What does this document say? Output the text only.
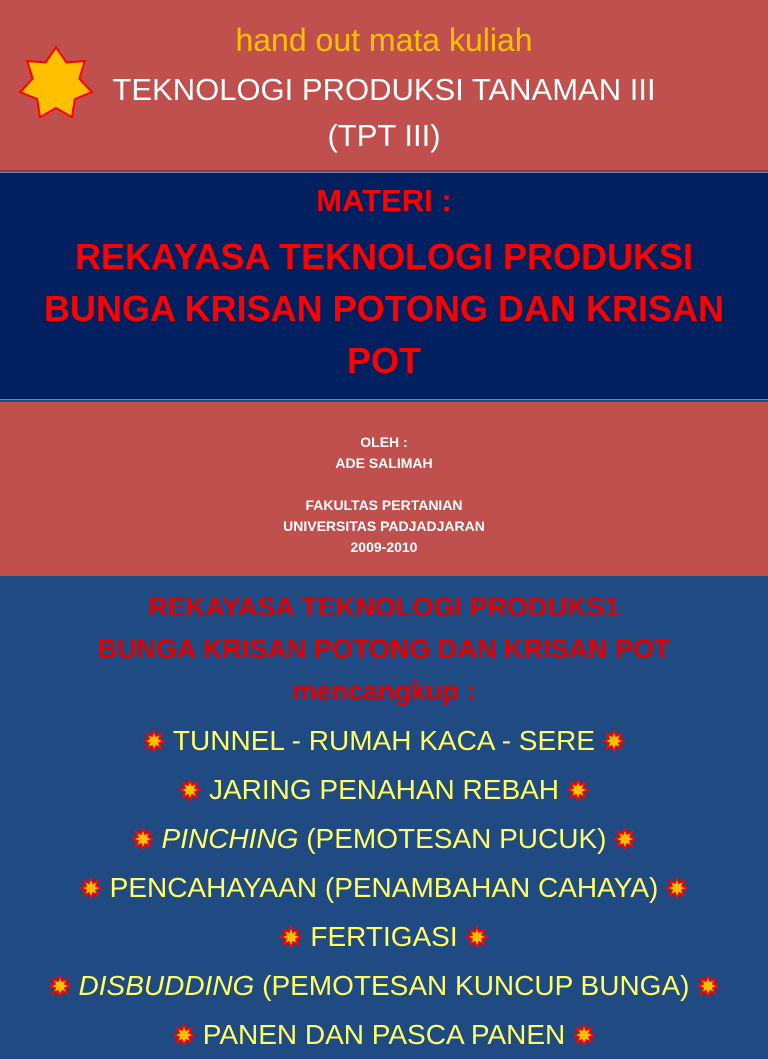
hand out mata kuliah
TEKNOLOGI PRODUKSI TANAMAN III
(TPT III)
MATERI :
REKAYASA TEKNOLOGI PRODUKSI
BUNGA KRISAN POTONG DAN KRISAN
POT
OLEH :
ADE SALIMAH
FAKULTAS PERTANIAN
UNIVERSITAS PADJADJARAN
2009-2010
REKAYASA TEKNOLOGI PRODUKS1
BUNGA KRISAN POTONG DAN KRISAN POT
mencangkup :
TUNNEL - RUMAH KACA - SERE
JARING PENAHAN REBAH
PINCHING (PEMOTESAN PUCUK)
PENCAHAYAAN (PENAMBAHAN CAHAYA)
FERTIGASI
DISBUDDING (PEMOTESAN KUNCUP BUNGA)
PANEN DAN PASCA PANEN
